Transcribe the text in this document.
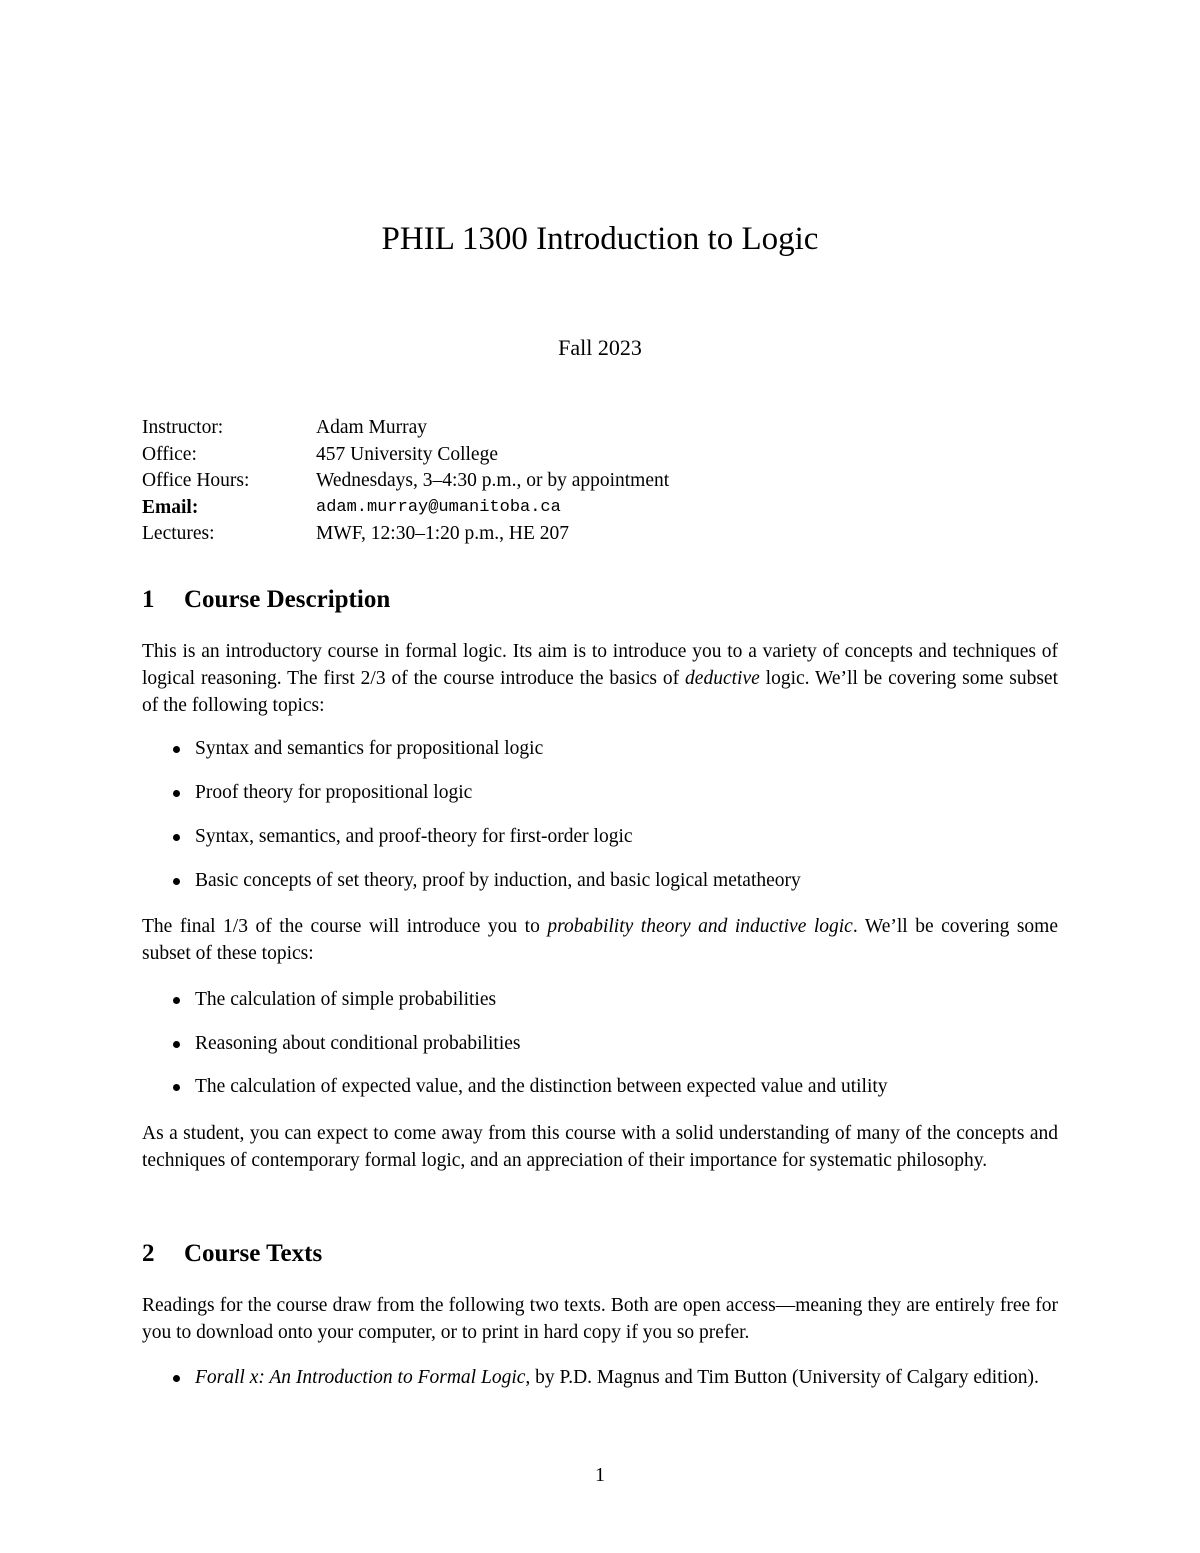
PHIL 1300 Introduction to Logic
Fall 2023
Instructor:	Adam Murray
Office:	457 University College
Office Hours:	Wednesdays, 3–4:30 p.m., or by appointment
Email:	adam.murray@umanitoba.ca
Lectures:	MWF, 12:30–1:20 p.m., HE 207
1	Course Description

This is an introductory course in formal logic. Its aim is to introduce you to a variety of concepts and techniques of logical reasoning. The first 2/3 of the course introduce the basics of deductive logic. We’ll be covering some subset of the following topics:

Syntax and semantics for propositional logic
Proof theory for propositional logic
Syntax, semantics, and proof-theory for first-order logic
Basic concepts of set theory, proof by induction, and basic logical metatheory

The final 1/3 of the course will introduce you to probability theory and inductive logic. We’ll be covering some subset of these topics:

The calculation of simple probabilities
Reasoning about conditional probabilities
The calculation of expected value, and the distinction between expected value and utility

As a student, you can expect to come away from this course with a solid understanding of many of the concepts and techniques of contemporary formal logic, and an appreciation of their importance for systematic philosophy.

2	Course Texts

Readings for the course draw from the following two texts. Both are open access—meaning they are entirely free for you to download onto your computer, or to print in hard copy if you so prefer.

Forall x: An Introduction to Formal Logic, by P.D. Magnus and Tim Button (University of Calgary edition).
1
